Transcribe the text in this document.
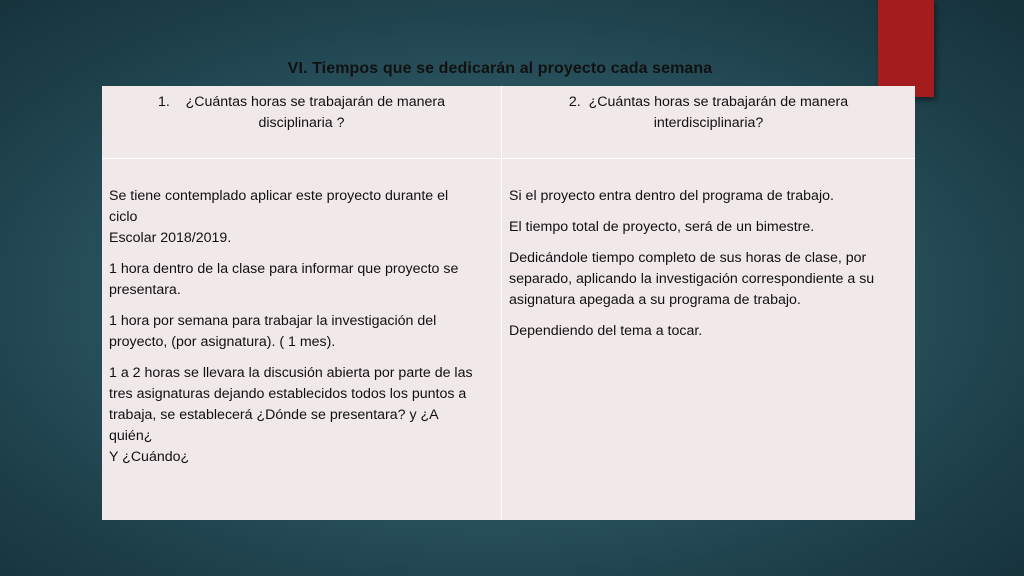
VI. Tiempos que se dedicarán al proyecto cada semana
1. ¿Cuántas horas se trabajarán de manera
disciplinaria ?
2. ¿Cuántas horas se trabajarán de manera
interdisciplinaria?

Se tiene contemplado aplicar este proyecto durante el
ciclo
Escolar 2018/2019.

1 hora dentro de la clase para informar que proyecto se
presentara.

1 hora por semana para trabajar la investigación del
proyecto, (por asignatura). ( 1 mes).

1 a 2 horas se llevara la discusión abierta por parte de las
tres asignaturas dejando establecidos todos los puntos a
trabaja, se establecerá ¿Dónde se presentara? y ¿A
quién¿
Y ¿Cuándo¿

Si el proyecto entra dentro del programa de trabajo.

El tiempo total de proyecto, será de un bimestre.

Dedicándole tiempo completo de sus horas de clase, por
separado, aplicando la investigación correspondiente a su
asignatura apegada a su programa de trabajo.

Dependiendo del tema a tocar.
